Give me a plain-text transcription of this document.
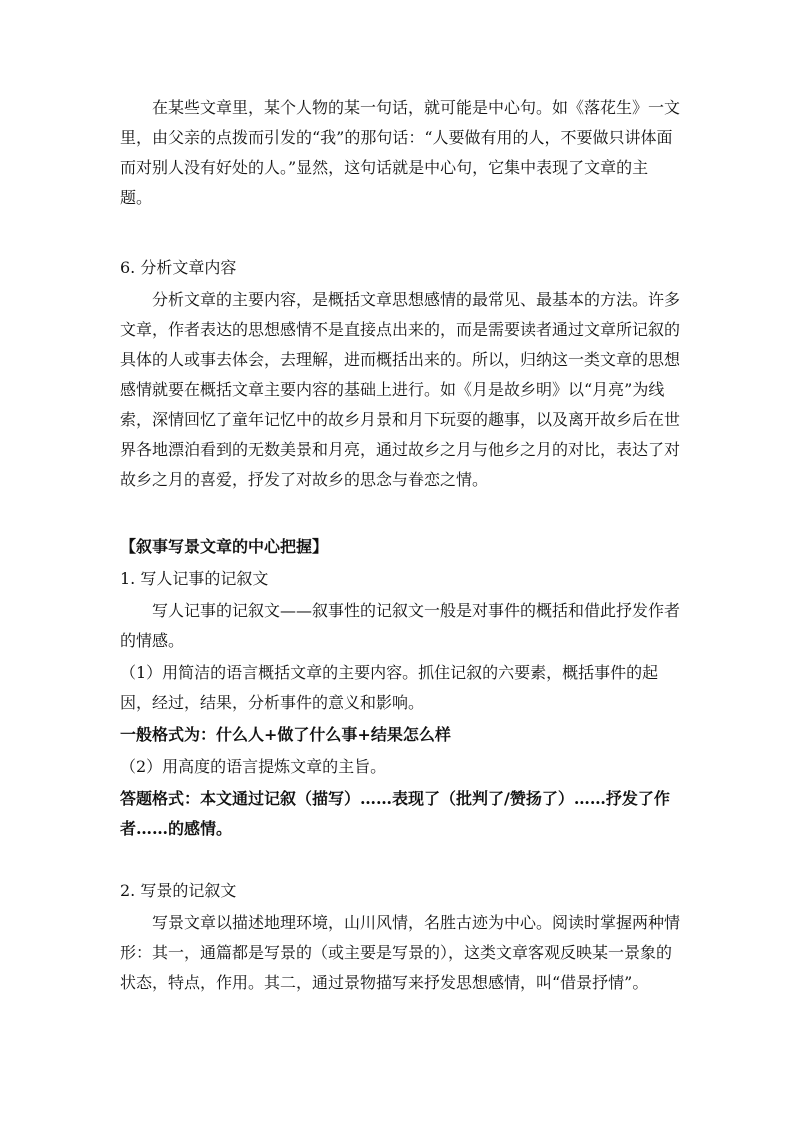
在某些文章里，某个人物的某一句话，就可能是中心句。如《落花生》一文里，由父亲的点拨而引发的“我”的那句话：“人要做有用的人，不要做只讲体面而对别人没有好处的人。”显然，这句话就是中心句，它集中表现了文章的主题。

6. 分析文章内容

分析文章的主要内容，是概括文章思想感情的最常见、最基本的方法。许多文章，作者表达的思想感情不是直接点出来的，而是需要读者通过文章所记叙的具体的人或事去体会，去理解，进而概括出来的。所以，归纳这一类文章的思想感情就要在概括文章主要内容的基础上进行。如《月是故乡明》以“月亮”为线索，深情回忆了童年记忆中的故乡月景和月下玩耍的趣事，以及离开故乡后在世界各地漂泊看到的无数美景和月亮，通过故乡之月与他乡之月的对比，表达了对故乡之月的喜爱，抒发了对故乡的思念与眷恋之情。

【叙事写景文章的中心把握】

1. 写人记事的记叙文

写人记事的记叙文——叙事性的记叙文一般是对事件的概括和借此抒发作者的情感。

（1）用简洁的语言概括文章的主要内容。抓住记叙的六要素，概括事件的起因，经过，结果，分析事件的意义和影响。

一般格式为：什么人+做了什么事+结果怎么样

（2）用高度的语言提炼文章的主旨。

答题格式：本文通过记叙（描写）……表现了（批判了/赞扬了）……抒发了作者……的感情。

2. 写景的记叙文

写景文章以描述地理环境，山川风情，名胜古迹为中心。阅读时掌握两种情形：其一，通篇都是写景的（或主要是写景的），这类文章客观反映某一景象的状态，特点，作用。其二，通过景物描写来抒发思想感情，叫“借景抒情”。
